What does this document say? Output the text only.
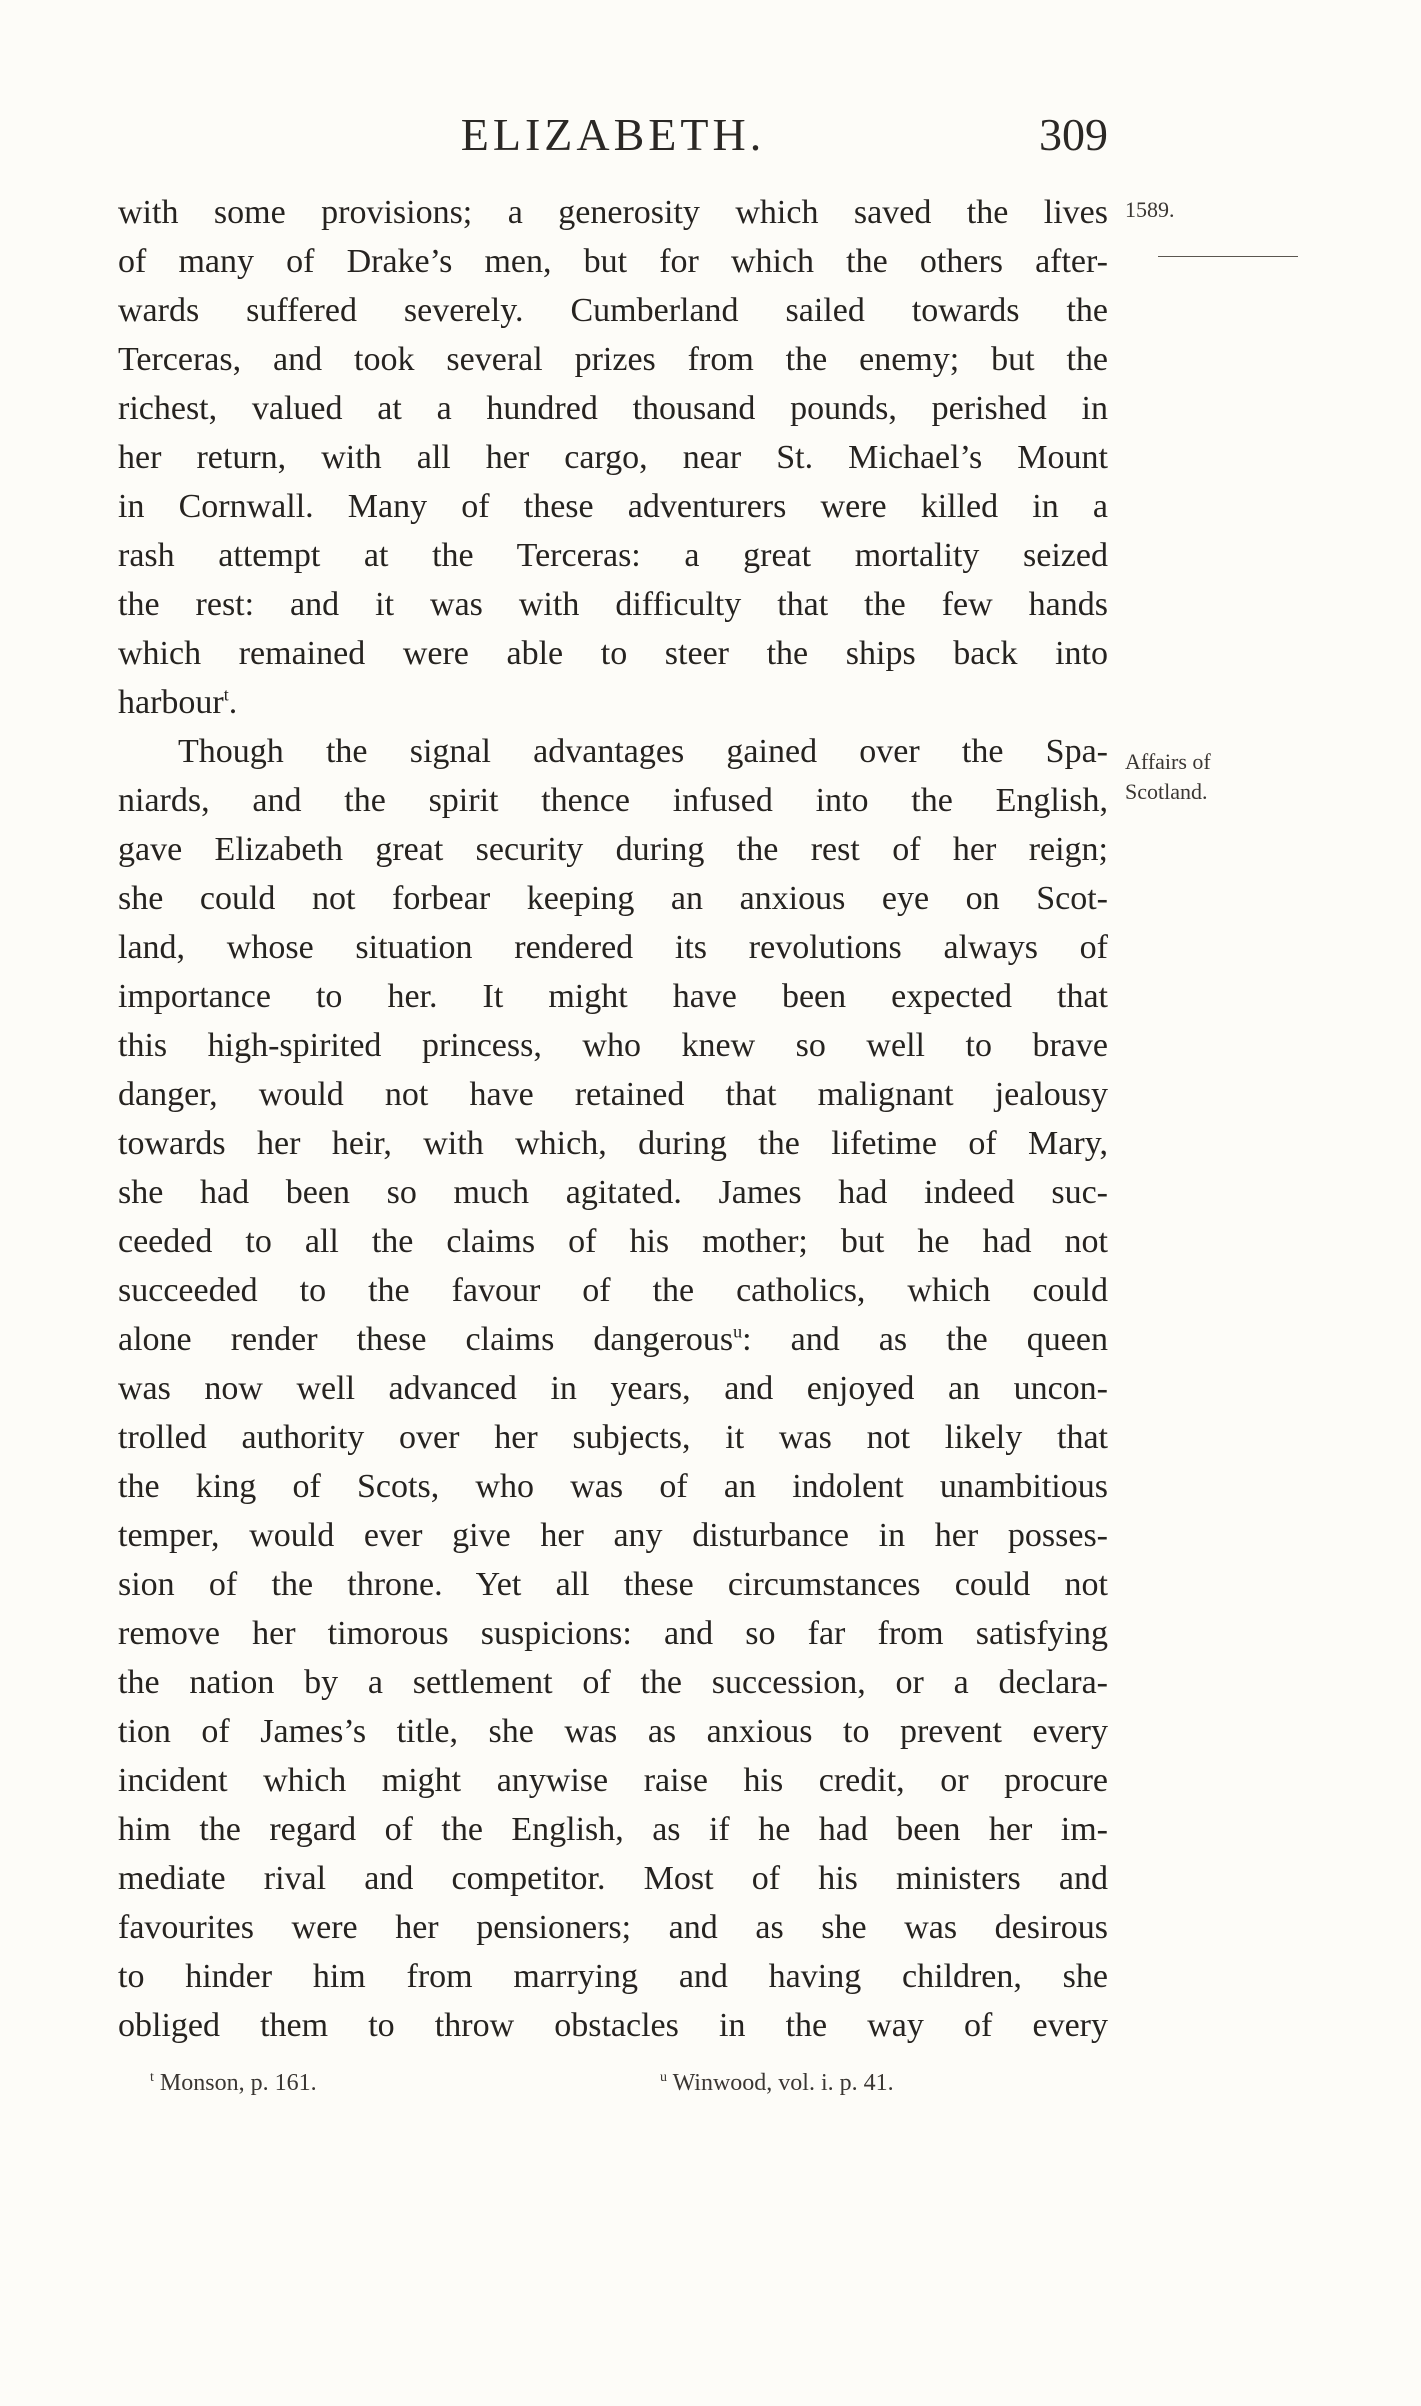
ELIZABETH.	309
1589.
Affairs of
Scotland.
with some provisions; a generosity which saved the lives
of many of Drake’s men, but for which the others after-
wards suffered severely. Cumberland sailed towards the
Terceras, and took several prizes from the enemy; but the
richest, valued at a hundred thousand pounds, perished in
her return, with all her cargo, near St. Michael’s Mount
in Cornwall. Many of these adventurers were killed in a
rash attempt at the Terceras: a great mortality seized
the rest: and it was with difficulty that the few hands
which remained were able to steer the ships back into
harbour$^t$.
Though the signal advantages gained over the Spa-
niards, and the spirit thence infused into the English,
gave Elizabeth great security during the rest of her reign;
she could not forbear keeping an anxious eye on Scot-
land, whose situation rendered its revolutions always of
importance to her. It might have been expected that
this high-spirited princess, who knew so well to brave
danger, would not have retained that malignant jealousy
towards her heir, with which, during the lifetime of Mary,
she had been so much agitated. James had indeed suc-
ceeded to all the claims of his mother; but he had not
succeeded to the favour of the catholics, which could
alone render these claims dangerous$^u$: and as the queen
was now well advanced in years, and enjoyed an uncon-
trolled authority over her subjects, it was not likely that
the king of Scots, who was of an indolent unambitious
temper, would ever give her any disturbance in her posses-
sion of the throne. Yet all these circumstances could not
remove her timorous suspicions: and so far from satisfying
the nation by a settlement of the succession, or a declara-
tion of James’s title, she was as anxious to prevent every
incident which might anywise raise his credit, or procure
him the regard of the English, as if he had been her im-
mediate rival and competitor. Most of his ministers and
favourites were her pensioners; and as she was desirous
to hinder him from marrying and having children, she
obliged them to throw obstacles in the way of every
$^t$ Monson, p. 161.	$^u$ Winwood, vol. i. p. 41.
